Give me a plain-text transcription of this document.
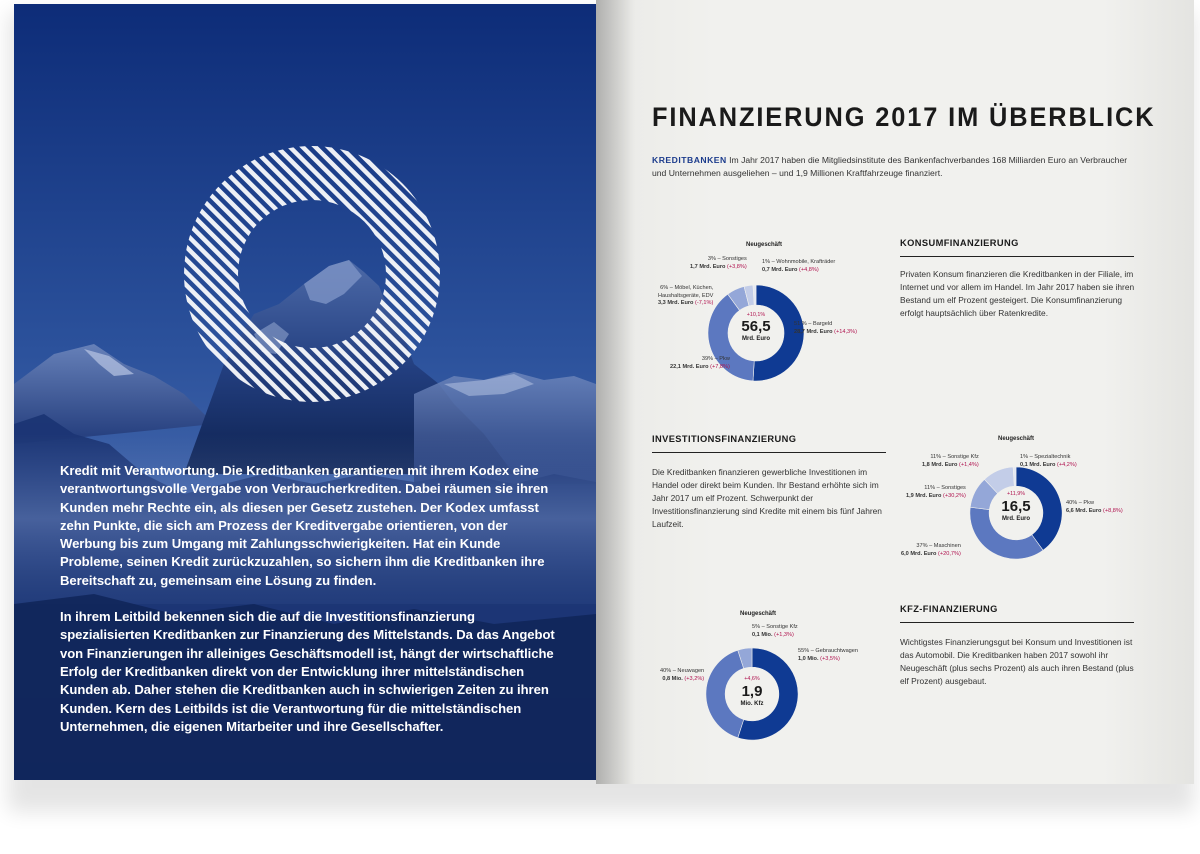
Kredit mit Verantwortung. Die Kreditbanken garantieren mit ihrem Kodex eine verantwortungsvolle Vergabe von Verbraucherkrediten. Dabei räumen sie ihren Kunden mehr Rechte ein, als diesen per Gesetz zustehen. Der Kodex umfasst zehn Punkte, die sich am Prozess der Kreditvergabe orientieren, von der Werbung bis zum Umgang mit Zahlungsschwierigkeiten. Hat ein Kunde Probleme, seinen Kredit zurückzuzahlen, so sichern ihm die Kreditbanken ihre Bereitschaft zu, gemeinsam eine Lösung zu finden.

In ihrem Leitbild bekennen sich die auf die Investitionsfinanzierung spezialisierten Kreditbanken zur Finanzierung des Mittelstands. Da das Angebot von Finanzierungen ihr alleiniges Geschäftsmodell ist, hängt der wirtschaftliche Erfolg der Kreditbanken direkt von der Entwicklung ihrer mittelständischen Kunden ab. Daher stehen die Kreditbanken auch in schwierigen Zeiten zu ihren Kunden. Kern des Leitbilds ist die Verantwortung für die mittelständischen Unternehmen, die eigenen Mitarbeiter und ihre Gesellschafter.

FINANZIERUNG 2017 IM ÜBERBLICK
KREDITBANKEN Im Jahr 2017 haben die Mitgliedsinstitute des Bankenfachverbandes 168 Milliarden Euro an Verbraucher und Unternehmen ausgeliehen – und 1,9 Millionen Kraftfahrzeuge finanziert.
KONSUMFINANZIERUNG
Privaten Konsum finanzieren die Kreditbanken in der Filiale, im Internet und vor allem im Handel. Im Jahr 2017 haben sie ihren Bestand um elf Prozent gesteigert. Die Konsumfinanzierung erfolgt hauptsächlich über Ratenkredite.
INVESTITIONSFINANZIERUNG
Die Kreditbanken finanzieren gewerbliche Investitionen im Handel oder direkt beim Kunden. Ihr Bestand erhöhte sich im Jahr 2017 um elf Prozent. Schwerpunkt der Investitionsfinanzierung sind Kredite mit einem bis fünf Jahren Laufzeit.
KFZ-FINANZIERUNG
Wichtigstes Finanzierungsgut bei Konsum und Investitionen ist das Automobil. Die Kreditbanken haben 2017 sowohl ihr Neugeschäft (plus sechs Prozent) als auch ihren Bestand (plus elf Prozent) ausgebaut.
Neugeschäft
+10,1%
56,5
Mrd. Euro
51 % – Bargeld
28,7 Mrd. Euro (+14,3%)
39% – Pkw
22,1 Mrd. Euro (+7,8%)
6% – Möbel, Küchen,
Haushaltsgeräte, EDV
3,3 Mrd. Euro (-7,1%)
3% – Sonstiges
1,7 Mrd. Euro (+3,8%)
1% – Wohnmobile, Krafträder
0,7 Mrd. Euro (+4,8%)
Neugeschäft
+11,9%
16,5
Mrd. Euro
40% – Pkw
6,6 Mrd. Euro (+8,8%)
37% – Maschinen
6,0 Mrd. Euro (+20,7%)
11% – Sonstiges
1,9 Mrd. Euro (+30,2%)
11% – Sonstige Kfz
1,8 Mrd. Euro (+1,4%)
1% – Spezialtechnik
0,1 Mrd. Euro (+4,2%)
Neugeschäft
+4,6%
1,9
Mio. Kfz
55% – Gebrauchtwagen
1,0 Mio. (+3,5%)
40% – Neuwagen
0,8 Mio. (+3,2%)
5% – Sonstige Kfz
0,1 Mio. (+1,3%)
